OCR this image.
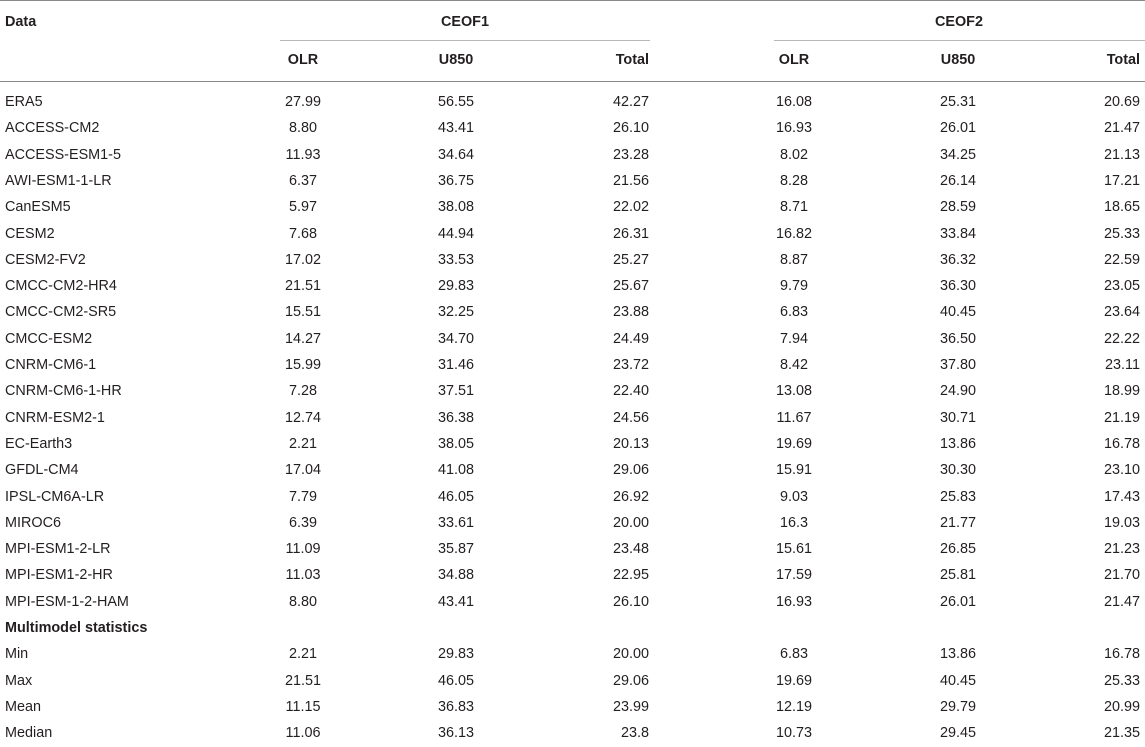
Data	CEOF1	CEOF2
OLR	U850	Total	OLR	U850	Total
ERA5	27.99	56.55	42.27	16.08	25.31	20.69
ACCESS-CM2	8.80	43.41	26.10	16.93	26.01	21.47
ACCESS-ESM1-5	11.93	34.64	23.28	8.02	34.25	21.13
AWI-ESM1-1-LR	6.37	36.75	21.56	8.28	26.14	17.21
CanESM5	5.97	38.08	22.02	8.71	28.59	18.65
CESM2	7.68	44.94	26.31	16.82	33.84	25.33
CESM2-FV2	17.02	33.53	25.27	8.87	36.32	22.59
CMCC-CM2-HR4	21.51	29.83	25.67	9.79	36.30	23.05
CMCC-CM2-SR5	15.51	32.25	23.88	6.83	40.45	23.64
CMCC-ESM2	14.27	34.70	24.49	7.94	36.50	22.22
CNRM-CM6-1	15.99	31.46	23.72	8.42	37.80	23.11
CNRM-CM6-1-HR	7.28	37.51	22.40	13.08	24.90	18.99
CNRM-ESM2-1	12.74	36.38	24.56	11.67	30.71	21.19
EC-Earth3	2.21	38.05	20.13	19.69	13.86	16.78
GFDL-CM4	17.04	41.08	29.06	15.91	30.30	23.10
IPSL-CM6A-LR	7.79	46.05	26.92	9.03	25.83	17.43
MIROC6	6.39	33.61	20.00	16.3	21.77	19.03
MPI-ESM1-2-LR	11.09	35.87	23.48	15.61	26.85	21.23
MPI-ESM1-2-HR	11.03	34.88	22.95	17.59	25.81	21.70
MPI-ESM-1-2-HAM	8.80	43.41	26.10	16.93	26.01	21.47
Multimodel statistics
Min	2.21	29.83	20.00	6.83	13.86	16.78
Max	21.51	46.05	29.06	19.69	40.45	25.33
Mean	11.15	36.83	23.99	12.19	29.79	20.99
Median	11.06	36.13	23.8	10.73	29.45	21.35
